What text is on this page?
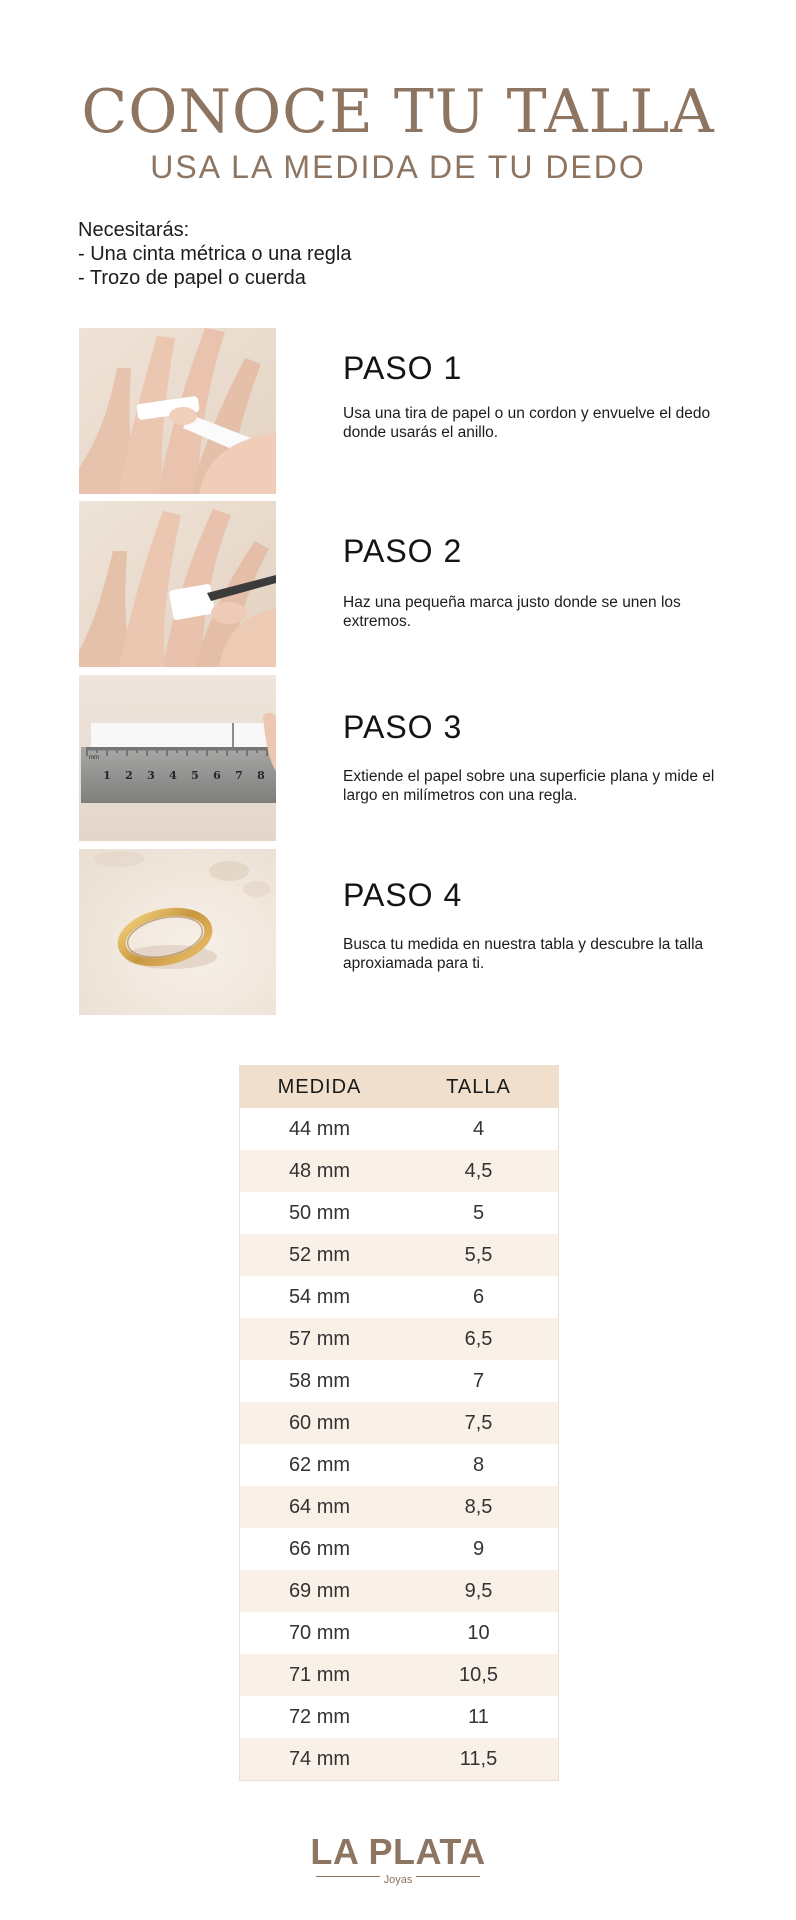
CONOCE TU TALLA
USA LA MEDIDA DE TU DEDO
Necesitarás:
- Una cinta métrica o una regla
- Trozo de papel o cuerda
PASO 1
Usa una tira de papel o un cordon y envuelve el dedo donde usarás el anillo.
PASO 2
Haz una pequeña marca justo donde se unen los extremos.
mm
1 2 3 4 5 6 7 8
PASO 3
Extiende el papel sobre una superficie plana y mide el largo en milímetros con una regla.
PASO 4
Busca tu medida en nuestra tabla y descubre la talla aproxiamada para ti.
MEDIDA	TALLA
44 mm	4
48 mm	4,5
50 mm	5
52 mm	5,5
54 mm	6
57 mm	6,5
58 mm	7
60 mm	7,5
62 mm	8
64 mm	8,5
66 mm	9
69 mm	9,5
70 mm	10
71 mm	10,5
72 mm	11
74 mm	11,5
LA PLATA
Joyas
